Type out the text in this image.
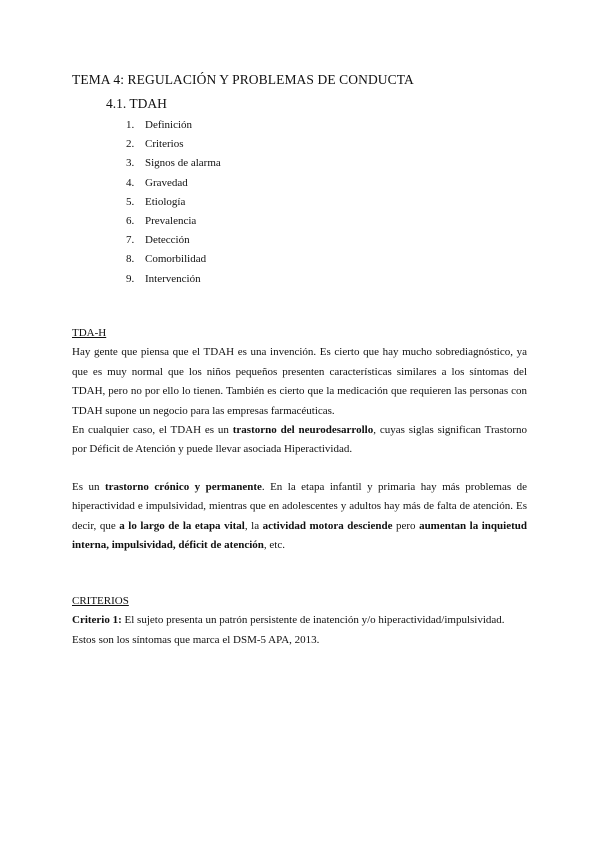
TEMA 4: REGULACIÓN Y PROBLEMAS DE CONDUCTA
4.1. TDAH
1. Definición
2. Criterios
3. Signos de alarma
4. Gravedad
5. Etiología
6. Prevalencia
7. Detección
8. Comorbilidad
9. Intervención
TDA-H

Hay gente que piensa que el TDAH es una invención. Es cierto que hay mucho sobrediagnóstico, ya que es muy normal que los niños pequeños presenten características similares a los síntomas del TDAH, pero no por ello lo tienen. También es cierto que la medicación que requieren las personas con TDAH supone un negocio para las empresas farmacéuticas.

En cualquier caso, el TDAH es un trastorno del neurodesarrollo, cuyas siglas significan Trastorno por Déficit de Atención y puede llevar asociada Hiperactividad.

Es un trastorno crónico y permanente. En la etapa infantil y primaria hay más problemas de hiperactividad e impulsividad, mientras que en adolescentes y adultos hay más de falta de atención. Es decir, que a lo largo de la etapa vital, la actividad motora desciende pero aumentan la inquietud interna, impulsividad, déficit de atención, etc.

CRITERIOS

Criterio 1: El sujeto presenta un patrón persistente de inatención y/o hiperactividad/impulsividad.

Estos son los síntomas que marca el DSM-5 APA, 2013.
